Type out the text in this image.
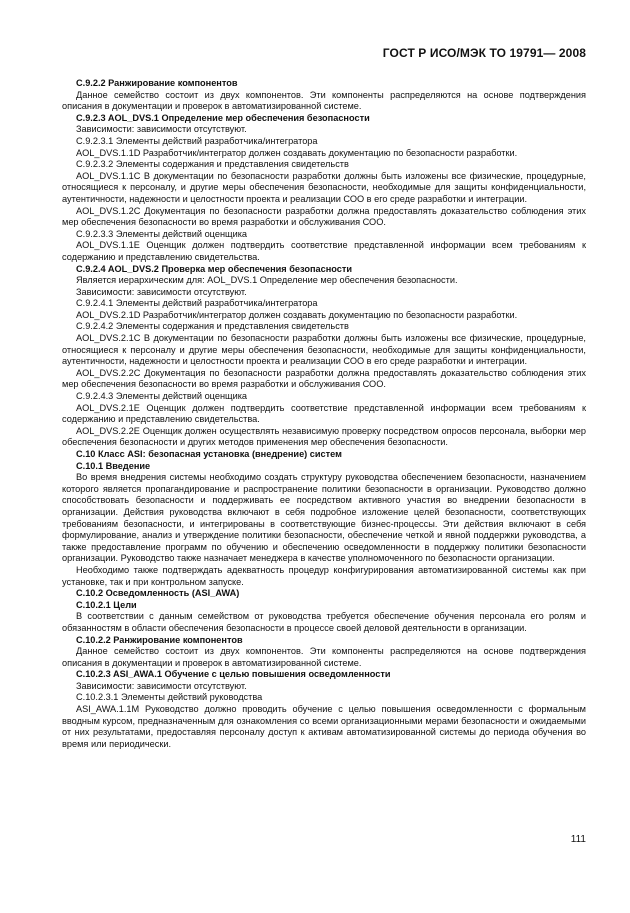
ГОСТ Р ИСО/МЭК ТО 19791— 2008

C.9.2.2 Ранжирование компонентов

Данное семейство состоит из двух компонентов. Эти компоненты распределяются на основе подтверждения описания в документации и проверок в автоматизированной системе.

C.9.2.3 AOL_DVS.1 Определение мер обеспечения безопасности

Зависимости: зависимости отсутствуют.

C.9.2.3.1 Элементы действий разработчика/интегратора

AOL_DVS.1.1D Разработчик/интегратор должен создавать документацию по безопасности разработки.

C.9.2.3.2 Элементы содержания и представления свидетельств

AOL_DVS.1.1C В документации по безопасности разработки должны быть изложены все физические, процедурные, относящиеся к персоналу, и другие меры обеспечения безопасности, необходимые для защиты конфиденциальности, аутентичности, надежности и целостности проекта и реализации СОО в его среде разработки и интеграции.

AOL_DVS.1.2C Документация по безопасности разработки должна предоставлять доказательство соблюдения этих мер обеспечения безопасности во время разработки и обслуживания СОО.

C.9.2.3.3 Элементы действий оценщика

AOL_DVS.1.1E Оценщик должен подтвердить соответствие представленной информации всем требованиям к содержанию и представлению свидетельства.

C.9.2.4 AOL_DVS.2 Проверка мер обеспечения безопасности

Является иерархическим для: AOL_DVS.1 Определение мер обеспечения безопасности.

Зависимости: зависимости отсутствуют.

C.9.2.4.1 Элементы действий разработчика/интегратора

AOL_DVS.2.1D Разработчик/интегратор должен создавать документацию по безопасности разработки.

C.9.2.4.2 Элементы содержания и представления свидетельств

AOL_DVS.2.1C В документации по безопасности разработки должны быть изложены все физические, процедурные, относящиеся к персоналу и другие меры обеспечения безопасности, необходимые для защиты конфиденциальности, аутентичности, надежности и целостности проекта и реализации СОО в его среде разработки и интеграции.

AOL_DVS.2.2C Документация по безопасности разработки должна предоставлять доказательство соблюдения этих мер обеспечения безопасности во время разработки и обслуживания СОО.

C.9.2.4.3 Элементы действий оценщика

AOL_DVS.2.1E Оценщик должен подтвердить соответствие представленной информации всем требованиям к содержанию и представлению свидетельства.

AOL_DVS.2.2E Оценщик должен осуществлять независимую проверку посредством опросов персонала, выборки мер обеспечения безопасности и других методов применения мер обеспечения безопасности.

C.10 Класс ASI: безопасная установка (внедрение) систем

C.10.1 Введение

Во время внедрения системы необходимо создать структуру руководства обеспечением безопасности, назначением которого является пропагандирование и распространение политики безопасности в организации. Руководство должно способствовать безопасности и поддерживать ее посредством активного участия во внедрении безопасности в организации. Действия руководства включают в себя подробное изложение целей безопасности, соответствующих требованиям безопасности, и интегрированы в соответствующие бизнес-процессы. Эти действия включают в себя формулирование, анализ и утверждение политики безопасности, обеспечение четкой и явной поддержки руководства, а также предоставление программ по обучению и обеспечению осведомленности в поддержку политики безопасности организации. Руководство также назначает менеджера в качестве уполномоченного по безопасности организации.

Необходимо также подтверждать адекватность процедур конфигурирования автоматизированной системы как при установке, так и при контрольном запуске.

C.10.2 Осведомленность (ASI_AWA)

C.10.2.1 Цели

В соответствии с данным семейством от руководства требуется обеспечение обучения персонала его ролям и обязанностям в области обеспечения безопасности в процессе своей деловой деятельности в организации.

C.10.2.2 Ранжирование компонентов

Данное семейство состоит из двух компонентов. Эти компоненты распределяются на основе подтверждения описания в документации и проверок в автоматизированной системе.

C.10.2.3 ASI_AWA.1 Обучение с целью повышения осведомленности

Зависимости: зависимости отсутствуют.

C.10.2.3.1 Элементы действий руководства

ASI_AWA.1.1M Руководство должно проводить обучение с целью повышения осведомленности с формальным вводным курсом, предназначенным для ознакомления со всеми организационными мерами безопасности и ожидаемыми от них результатами, предоставляя персоналу доступ к активам автоматизированной системы до периода обучения во время или периодически.

111
